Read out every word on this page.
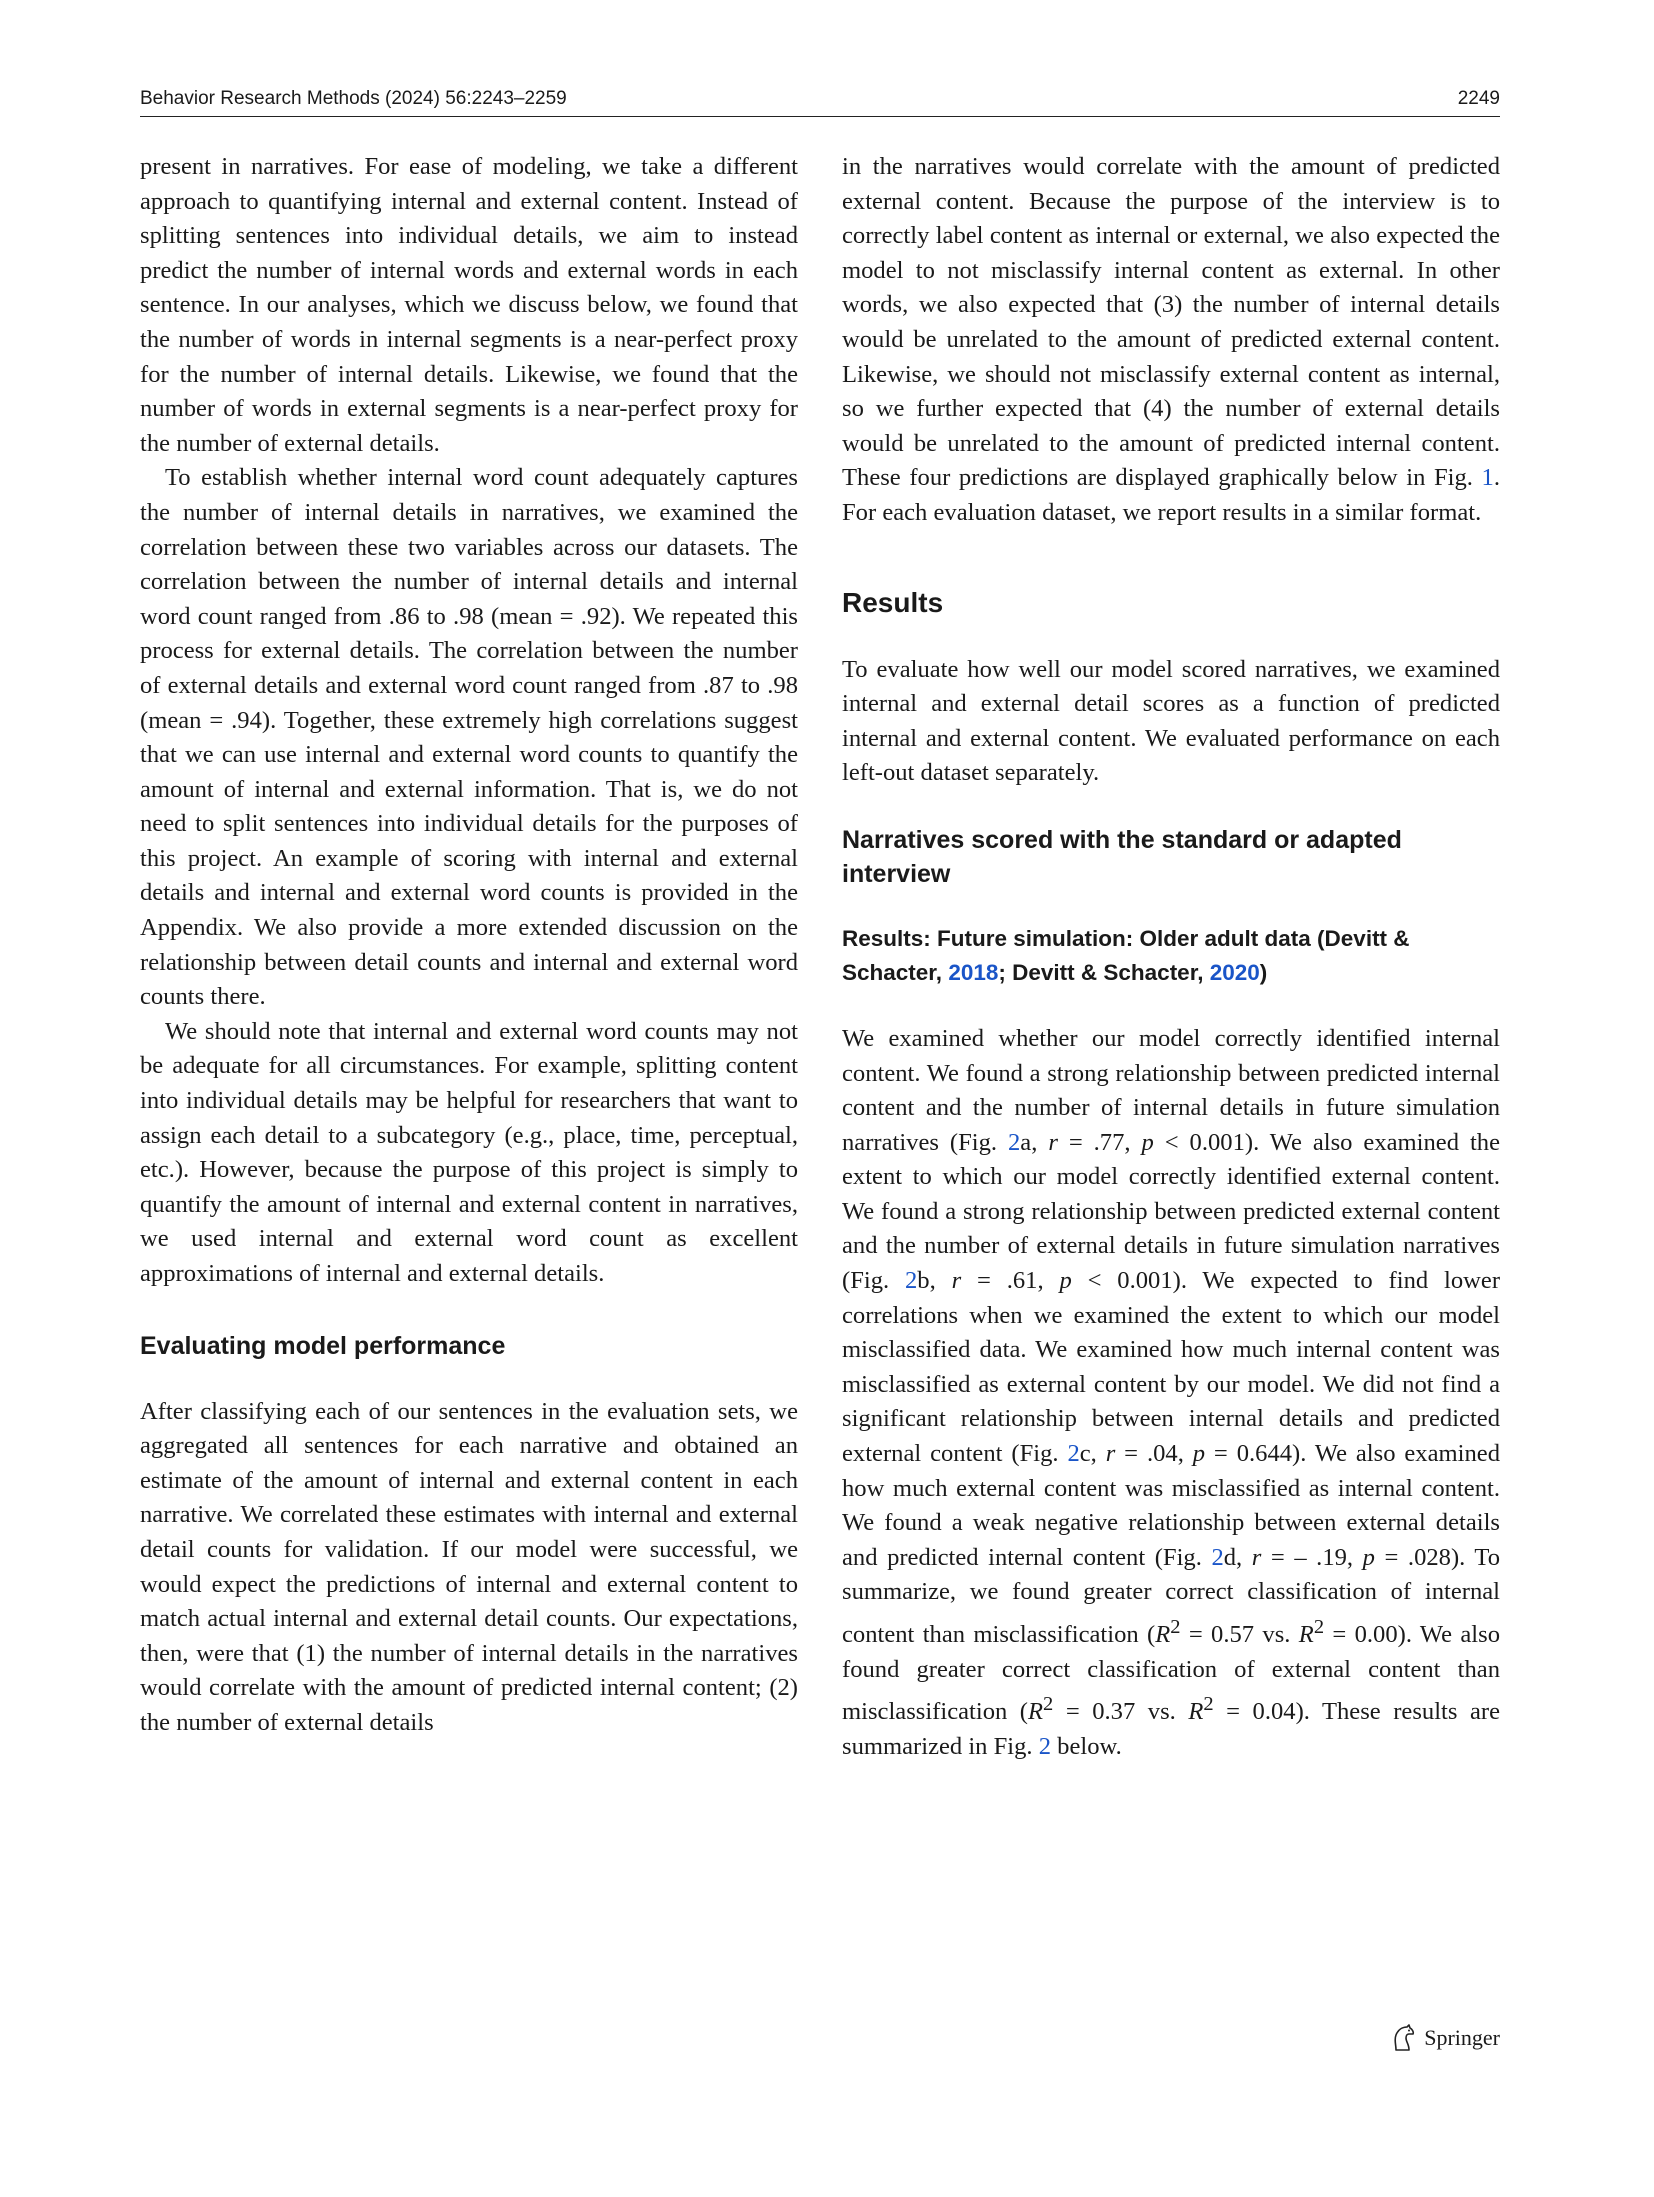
Behavior Research Methods (2024) 56:2243–2259	2249

present in narratives. For ease of modeling, we take a different approach to quantifying internal and external content. Instead of splitting sentences into individual details, we aim to instead predict the number of internal words and external words in each sentence. In our analyses, which we discuss below, we found that the number of words in internal segments is a near-perfect proxy for the number of internal details. Likewise, we found that the number of words in external segments is a near-perfect proxy for the number of external details.

To establish whether internal word count adequately captures the number of internal details in narratives, we examined the correlation between these two variables across our datasets. The correlation between the number of internal details and internal word count ranged from .86 to .98 (mean = .92). We repeated this process for external details. The correlation between the number of external details and external word count ranged from .87 to .98 (mean = .94). Together, these extremely high correlations suggest that we can use internal and external word counts to quantify the amount of internal and external information. That is, we do not need to split sentences into individual details for the purposes of this project. An example of scoring with internal and external details and internal and external word counts is provided in the Appendix. We also provide a more extended discussion on the relationship between detail counts and internal and external word counts there.

We should note that internal and external word counts may not be adequate for all circumstances. For example, splitting content into individual details may be helpful for researchers that want to assign each detail to a subcategory (e.g., place, time, perceptual, etc.). However, because the purpose of this project is simply to quantify the amount of internal and external content in narratives, we used internal and external word count as excellent approximations of internal and external details.

Evaluating model performance

After classifying each of our sentences in the evaluation sets, we aggregated all sentences for each narrative and obtained an estimate of the amount of internal and external content in each narrative. We correlated these estimates with internal and external detail counts for validation. If our model were successful, we would expect the predictions of internal and external content to match actual internal and external detail counts. Our expectations, then, were that (1) the number of internal details in the narratives would correlate with the amount of predicted internal content; (2) the number of external details

in the narratives would correlate with the amount of predicted external content. Because the purpose of the interview is to correctly label content as internal or external, we also expected the model to not misclassify internal content as external. In other words, we also expected that (3) the number of internal details would be unrelated to the amount of predicted external content. Likewise, we should not misclassify external content as internal, so we further expected that (4) the number of external details would be unrelated to the amount of predicted internal content. These four predictions are displayed graphically below in Fig. 1. For each evaluation dataset, we report results in a similar format.

Results

To evaluate how well our model scored narratives, we examined internal and external detail scores as a function of predicted internal and external content. We evaluated performance on each left-out dataset separately.

Narratives scored with the standard or adapted interview
Results: Future simulation: Older adult data (Devitt & Schacter, 2018; Devitt & Schacter, 2020)

We examined whether our model correctly identified internal content. We found a strong relationship between predicted internal content and the number of internal details in future simulation narratives (Fig. 2a, r = .77, p < 0.001). We also examined the extent to which our model correctly identified external content. We found a strong relationship between predicted external content and the number of external details in future simulation narratives (Fig. 2b, r = .61, p < 0.001). We expected to find lower correlations when we examined the extent to which our model misclassified data. We examined how much internal content was misclassified as external content by our model. We did not find a significant relationship between internal details and predicted external content (Fig. 2c, r = .04, p = 0.644). We also examined how much external content was misclassified as internal content. We found a weak negative relationship between external details and predicted internal content (Fig. 2d, r = – .19, p = .028). To summarize, we found greater correct classification of internal content than misclassification ($R^2 = 0.57$ vs. $R^2 = 0.00$). We also found greater correct classification of external content than misclassification ($R^2 = 0.37$ vs. $R^2 = 0.04$). These results are summarized in Fig. 2 below.

Springer
